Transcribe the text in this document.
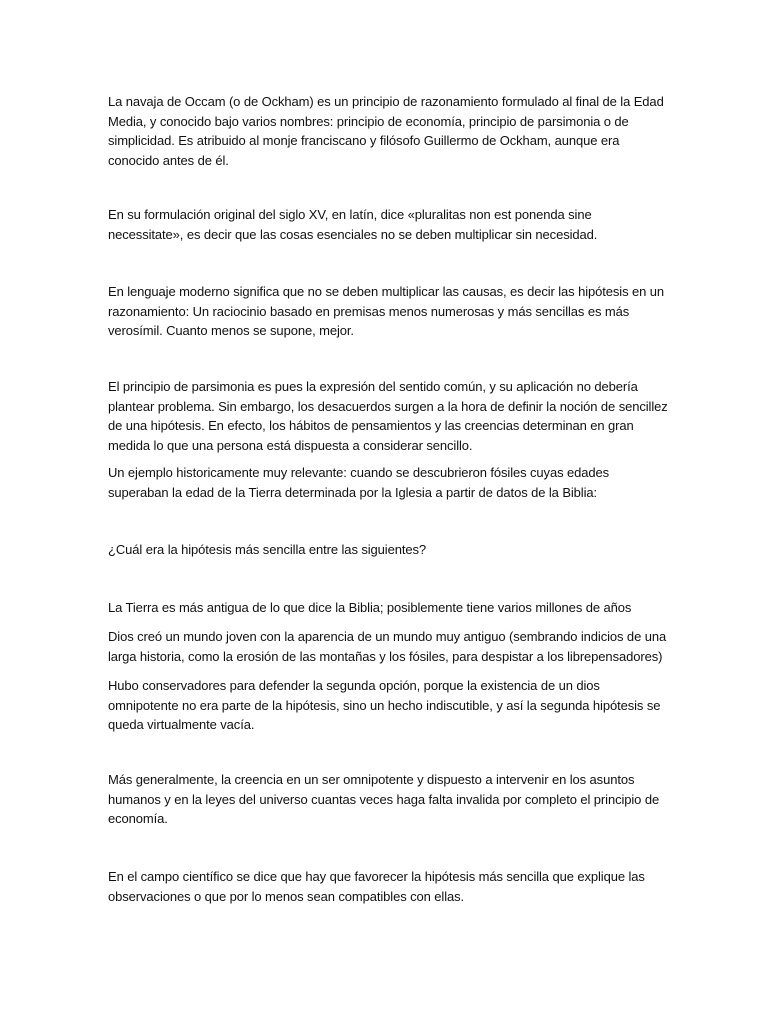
La navaja de Occam (o de Ockham) es un principio de razonamiento formulado al final de la Edad Media, y conocido bajo varios nombres: principio de economía, principio de parsimonia o de simplicidad. Es atribuido al monje franciscano y filósofo Guillermo de Ockham, aunque era conocido antes de él.

En su formulación original del siglo XV, en latín, dice «pluralitas non est ponenda sine necessitate», es decir que las cosas esenciales no se deben multiplicar sin necesidad.

En lenguaje moderno significa que no se deben multiplicar las causas, es decir las hipótesis en un razonamiento: Un raciocinio basado en premisas menos numerosas y más sencillas es más verosímil. Cuanto menos se supone, mejor.

El principio de parsimonia es pues la expresión del sentido común, y su aplicación no debería plantear problema. Sin embargo, los desacuerdos surgen a la hora de definir la noción de sencillez de una hipótesis. En efecto, los hábitos de pensamientos y las creencias determinan en gran medida lo que una persona está dispuesta a considerar sencillo.

Un ejemplo historicamente muy relevante: cuando se descubrieron fósiles cuyas edades superaban la edad de la Tierra determinada por la Iglesia a partir de datos de la Biblia:

¿Cuál era la hipótesis más sencilla entre las siguientes?

La Tierra es más antigua de lo que dice la Biblia; posiblemente tiene varios millones de años

Dios creó un mundo joven con la aparencia de un mundo muy antiguo (sembrando indicios de una larga historia, como la erosión de las montañas y los fósiles, para despistar a los librepensadores)

Hubo conservadores para defender la segunda opción, porque la existencia de un dios omnipotente no era parte de la hipótesis, sino un hecho indiscutible, y así la segunda hipótesis se queda virtualmente vacía.

Más generalmente, la creencia en un ser omnipotente y dispuesto a intervenir en los asuntos humanos y en la leyes del universo cuantas veces haga falta invalida por completo el principio de economía.

En el campo científico se dice que hay que favorecer la hipótesis más sencilla que explique las observaciones o que por lo menos sean compatibles con ellas.
